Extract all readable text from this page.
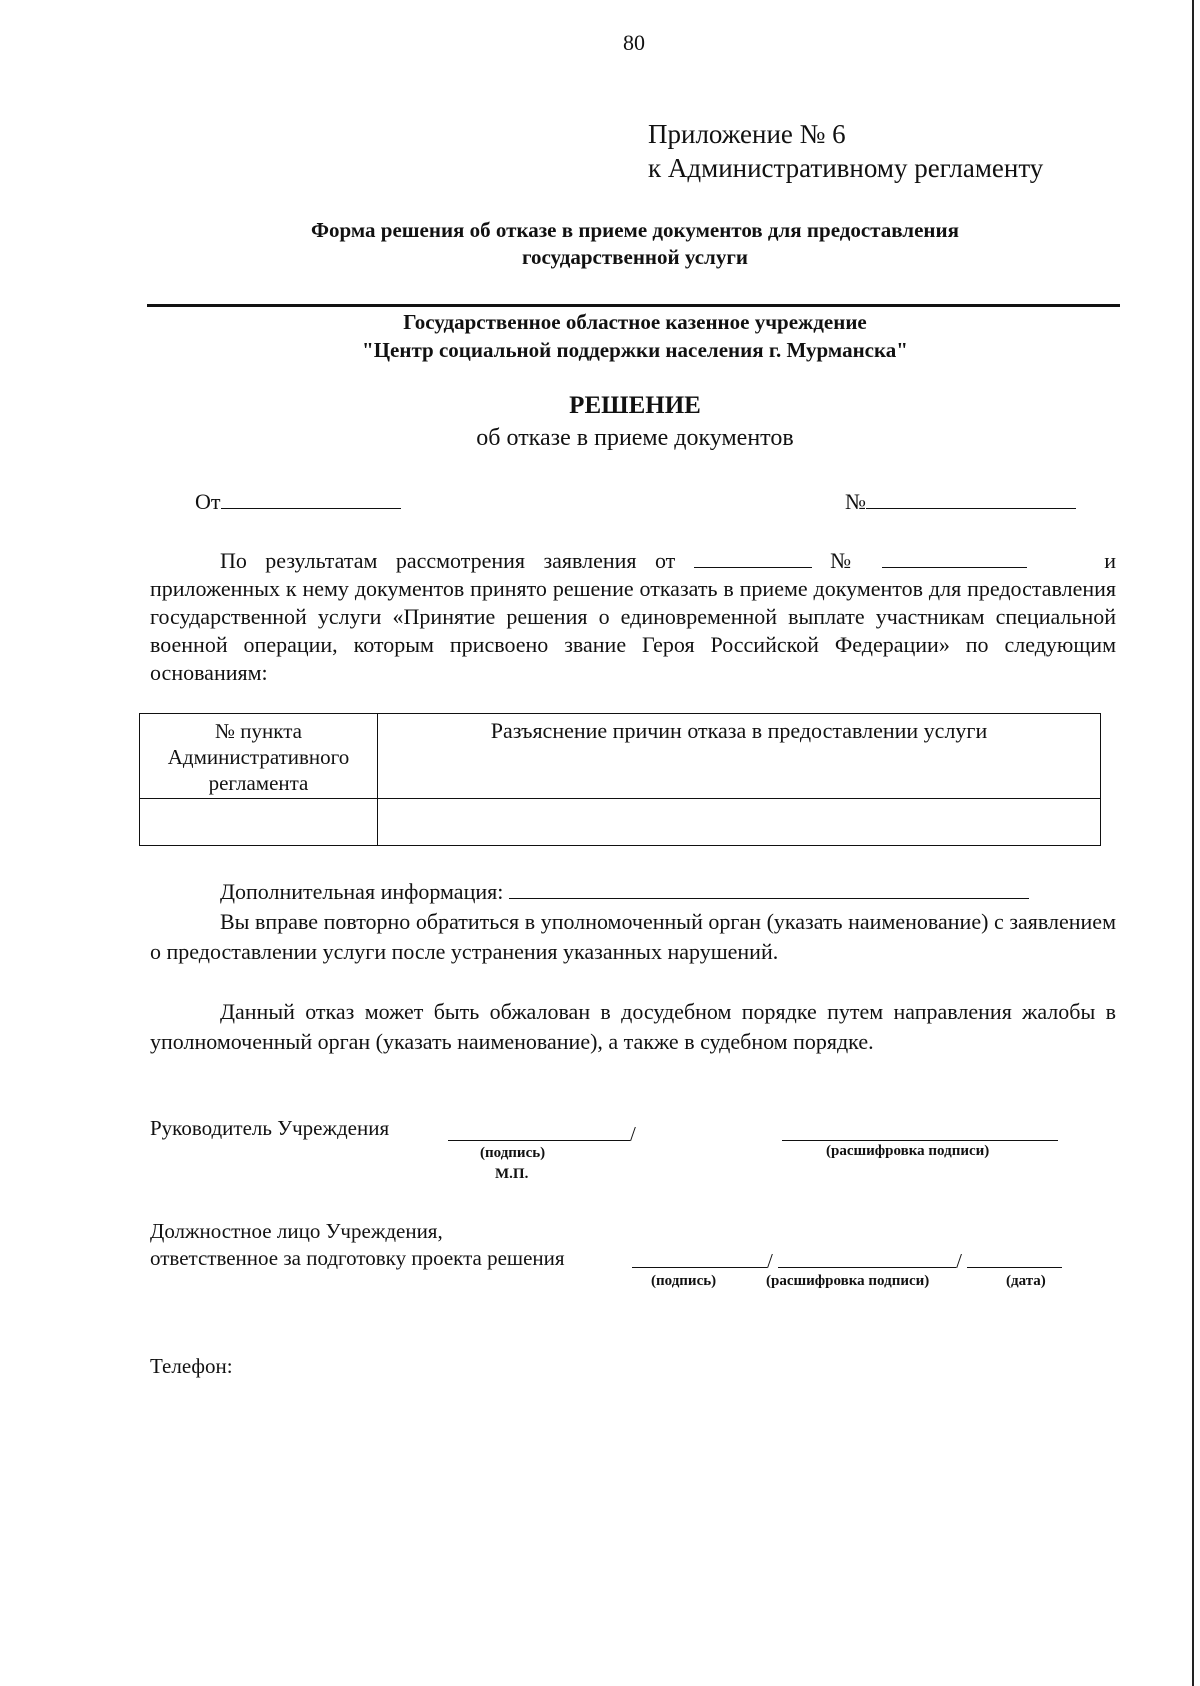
80
Приложение № 6
к Административному регламенту
Форма решения об отказе в приеме документов для предоставления
государственной услуги
Государственное областное казенное учреждение
"Центр социальной поддержки населения г. Мурманска"
РЕШЕНИЕ
об отказе в приеме документов
От	№
По результатам рассмотрения заявления от	№	и
приложенных к нему документов принято решение отказать в приеме документов для предоставления государственной услуги «Принятие решения о единовременной выплате участникам специальной военной операции, которым присвоено звание Героя Российской Федерации» по следующим основаниям:
№ пункта Административного регламента	Разъяснение причин отказа в предоставлении услуги

Дополнительная информация:
Вы вправе повторно обратиться в уполномоченный орган (указать наименование) с заявлением о предоставлении услуги после устранения указанных нарушений.
Данный отказ может быть обжалован в досудебном порядке путем направления жалобы в уполномоченный орган (указать наименование), а также в судебном порядке.
Руководитель Учреждения	/
(подпись)	(расшифровка подписи)
М.П.
Должностное лицо Учреждения,
ответственное за подготовку проекта решения	/	/
(подпись)	(расшифровка подписи)	(дата)
Телефон:
